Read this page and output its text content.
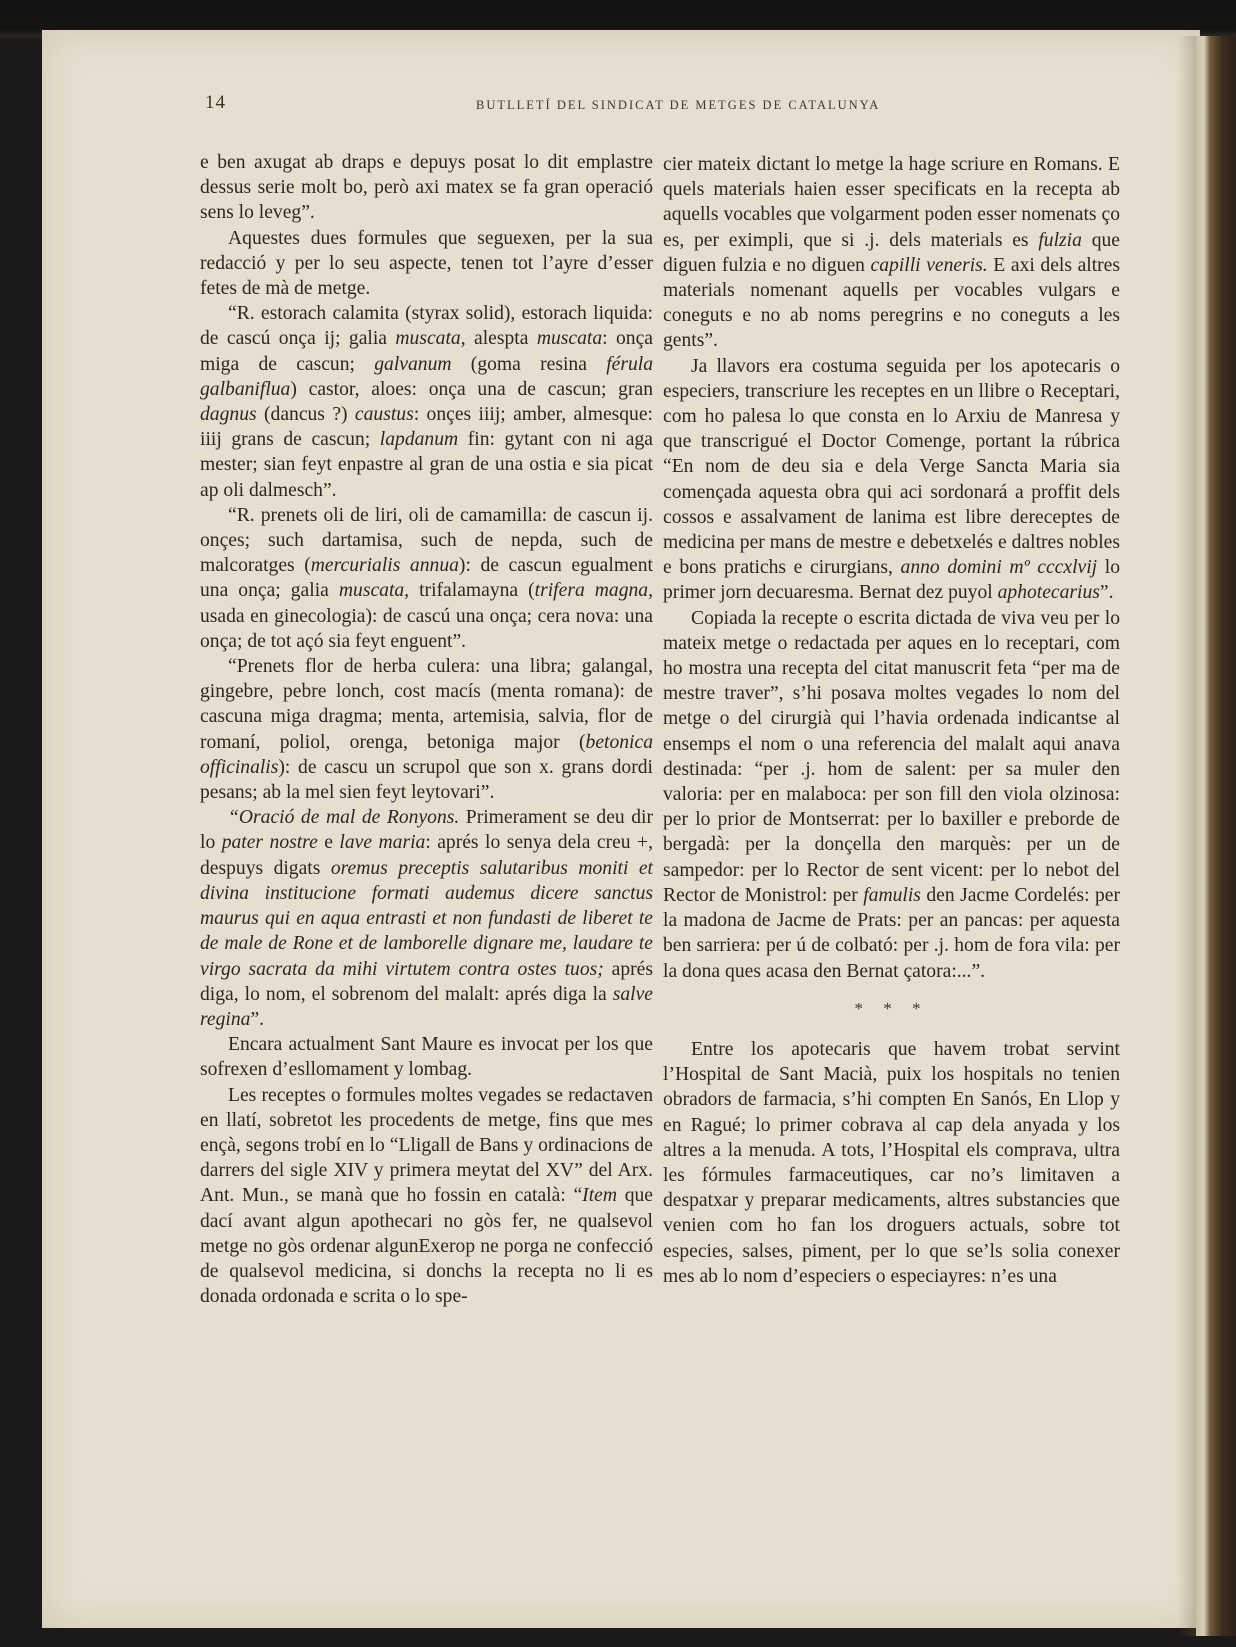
14	BUTLLETÍ DEL SINDICAT DE METGES DE CATALUNYA

e ben axugat ab draps e depuys posat lo dit emplastre dessus serie molt bo, però axi matex se fa gran operació sens lo leveg”.

Aquestes dues formules que seguexen, per la sua redacció y per lo seu aspecte, tenen tot l’ayre d’esser fetes de mà de metge.

“R. estorach calamita (styrax solid), estorach liquida: de cascú onça ij; galia muscata, alespta muscata: onça miga de cascun; galvanum (goma resina férula galbaniflua) castor, aloes: onça una de cascun; gran dagnus (dancus ?) caustus: onçes iiij; amber, almesque: iiij grans de cascun; lapdanum fin: gytant con ni aga mester; sian feyt enpastre al gran de una ostia e sia picat ap oli dalmesch”.

“R. prenets oli de liri, oli de camamilla: de cascun ij. onçes; such dartamisa, such de nepda, such de malcoratges (mercurialis annua): de cascun egualment una onça; galia muscata, trifalamayna (trifera magna, usada en ginecologia): de cascú una onça; cera nova: una onça; de tot açó sia feyt enguent”.

“Prenets flor de herba culera: una libra; galangal, gingebre, pebre lonch, cost macís (menta romana): de cascuna miga dragma; menta, artemisia, salvia, flor de romaní, poliol, orenga, betoniga major (betonica officinalis): de cascu un scrupol que son x. grans dordi pesans; ab la mel sien feyt leytovari”.

“Oració de mal de Ronyons. Primerament se deu dir lo pater nostre e lave maria: aprés lo senya dela creu +, despuys digats oremus preceptis salutaribus moniti et divina institucione formati audemus dicere sanctus maurus qui en aqua entrasti et non fundasti de liberet te de male de Rone et de lamborelle dignare me, laudare te virgo sacrata da mihi virtutem contra ostes tuos; aprés diga, lo nom, el sobrenom del malalt: aprés diga la salve regina”.

Encara actualment Sant Maure es invocat per los que sofrexen d’esllomament y lombag.

Les receptes o formules moltes vegades se redactaven en llatí, sobretot les procedents de metge, fins que mes ençà, segons trobí en lo “Lligall de Bans y ordinacions de darrers del sigle XIV y primera meytat del XV” del Arx. Ant. Mun., se manà que ho fossin en català: “Item que dací avant algun apothecari no gòs fer, ne qualsevol metge no gòs ordenar algunExerop ne porga ne confecció de qualsevol medicina, si donchs la recepta no li es donada ordonada e scrita o lo spe-

cier mateix dictant lo metge la hage scriure en Romans. E quels materials haien esser specificats en la recepta ab aquells vocables que volgarment poden esser nomenats ço es, per eximpli, que si .j. dels materials es fulzia que diguen fulzia e no diguen capilli veneris. E axi dels altres materials nomenant aquells per vocables vulgars e coneguts e no ab noms peregrins e no coneguts a les gents”.

Ja llavors era costuma seguida per los apotecaris o especiers, transcriure les receptes en un llibre o Receptari, com ho palesa lo que consta en lo Arxiu de Manresa y que transcrigué el Doctor Comenge, portant la rúbrica “En nom de deu sia e dela Verge Sancta Maria sia començada aquesta obra qui aci sordonará a proffit dels cossos e assalvament de lanima est libre dereceptes de medicina per mans de mestre e debetxelés e daltres nobles e bons pratichs e cirurgians, anno domini mº cccxlvij lo primer jorn decuaresma. Bernat dez puyol aphotecarius”.

Copiada la recepte o escrita dictada de viva veu per lo mateix metge o redactada per aques en lo receptari, com ho mostra una recepta del citat manuscrit feta “per ma de mestre traver”, s’hi posava moltes vegades lo nom del metge o del cirurgià qui l’havia ordenada indicantse al ensemps el nom o una referencia del malalt aqui anava destinada: “per .j. hom de salent: per sa muler den valoria: per en malaboca: per son fill den viola olzinosa: per lo prior de Montserrat: per lo baxiller e preborde de bergadà: per la donçella den marquès: per un de sampedor: per lo Rector de sent vicent: per lo nebot del Rector de Monistrol: per famulis den Jacme Cordelés: per la madona de Jacme de Prats: per an pancas: per aquesta ben sarriera: per ú de colbató: per .j. hom de fora vila: per la dona ques acasa den Bernat çatora:...”.

* * *

Entre los apotecaris que havem trobat servint l’Hospital de Sant Macià, puix los hospitals no tenien obradors de farmacia, s’hi compten En Sanós, En Llop y en Ragué; lo primer cobrava al cap dela anyada y los altres a la menuda. A tots, l’Hospital els comprava, ultra les fórmules farmaceutiques, car no’s limitaven a despatxar y preparar medicaments, altres substancies que venien com ho fan los droguers actuals, sobre tot especies, salses, piment, per lo que se’ls solia conexer mes ab lo nom d’especiers o especiayres: n’es una
